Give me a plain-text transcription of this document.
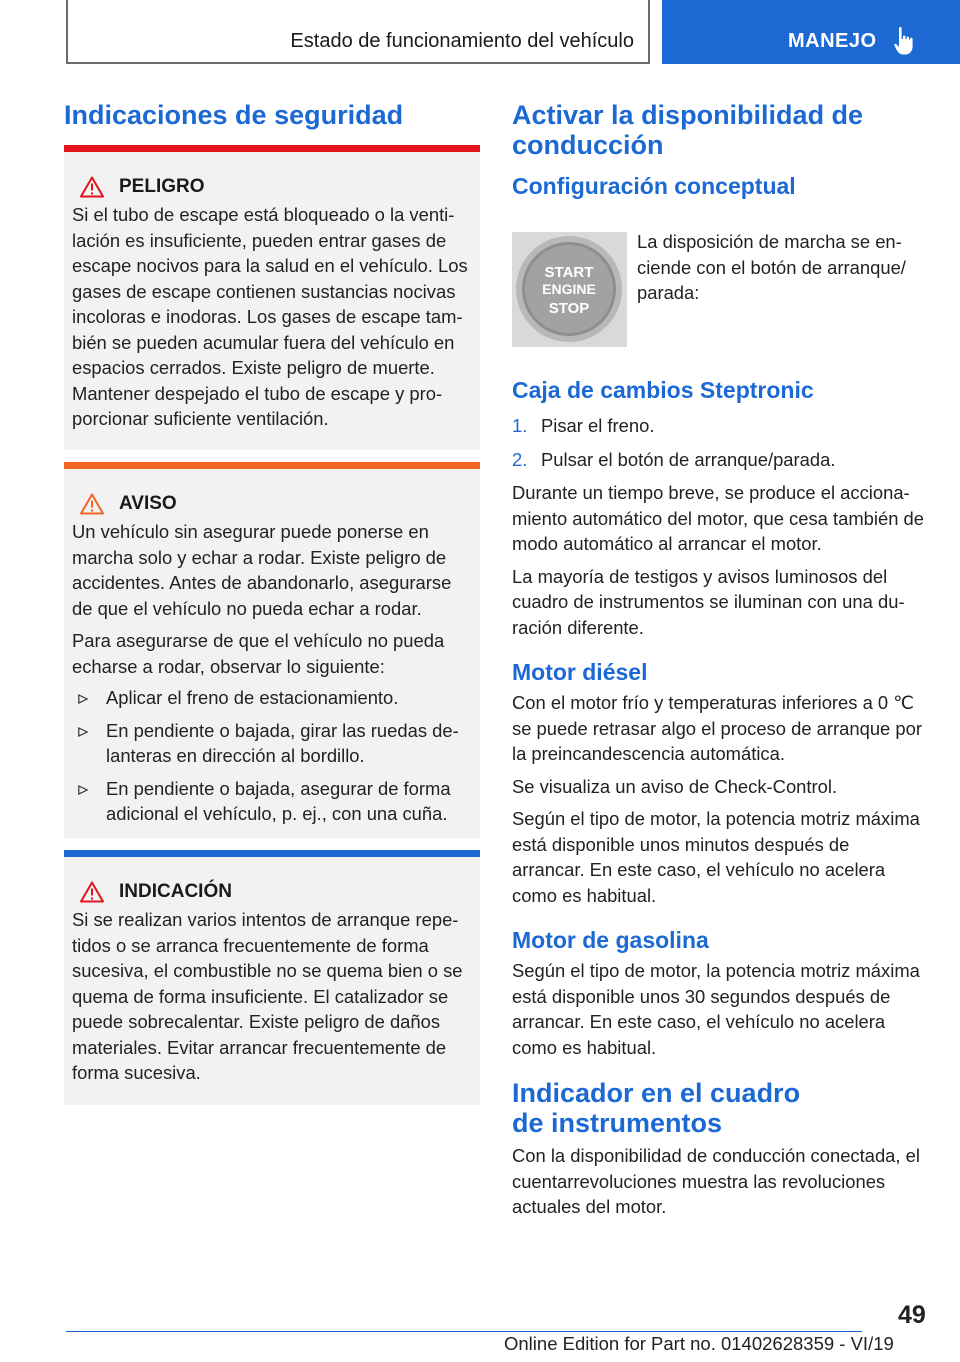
Estado de funcionamiento del vehículo	MANEJO
Indicaciones de seguridad
PELIGRO

Si el tubo de escape está bloqueado o la ventilación es insuficiente, pueden entrar gases de escape nocivos para la salud en el vehículo. Los gases de escape contienen sustancias nocivas incoloras e inodoras. Los gases de escape también se pueden acumular fuera del vehículo en espacios cerrados. Existe peligro de muerte. Mantener despejado el tubo de escape y proporcionar suficiente ventilación.

AVISO

Un vehículo sin asegurar puede ponerse en marcha solo y echar a rodar. Existe peligro de accidentes. Antes de abandonarlo, asegurarse de que el vehículo no pueda echar a rodar.

Para asegurarse de que el vehículo no pueda echarse a rodar, observar lo siguiente:

Aplicar el freno de estacionamiento.
En pendiente o bajada, girar las ruedas delanteras en dirección al bordillo.
En pendiente o bajada, asegurar de forma adicional el vehículo, p. ej., con una cuña.
INDICACIÓN

Si se realizan varios intentos de arranque repetidos o se arranca frecuentemente de forma sucesiva, el combustible no se quema bien o se quema de forma insuficiente. El catalizador se puede sobrecalentar. Existe peligro de daños materiales. Evitar arrancar frecuentemente de forma sucesiva.

Activar la disponibilidad de conducción
Configuración conceptual
START
ENGINE
STOP

La disposición de marcha se enciende con el botón de arranque/ parada:

Caja de cambios Steptronic
1. Pisar el freno.
2. Pulsar el botón de arranque/parada.

Durante un tiempo breve, se produce el accionamiento automático del motor, que cesa también de modo automático al arrancar el motor.

La mayoría de testigos y avisos luminosos del cuadro de instrumentos se iluminan con una duración diferente.

Motor diésel

Con el motor frío y temperaturas inferiores a 0 ℃ se puede retrasar algo el proceso de arranque por la preincandescencia automática.

Se visualiza un aviso de Check-Control.

Según el tipo de motor, la potencia motriz máxima está disponible unos minutos después de arrancar. En este caso, el vehículo no acelera como es habitual.

Motor de gasolina

Según el tipo de motor, la potencia motriz máxima está disponible unos 30 segundos después de arrancar. En este caso, el vehículo no acelera como es habitual.

Indicador en el cuadro
de instrumentos

Con la disponibilidad de conducción conectada, el cuentarrevoluciones muestra las revoluciones actuales del motor.

49
Online Edition for Part no. 01402628359 - VI/19
